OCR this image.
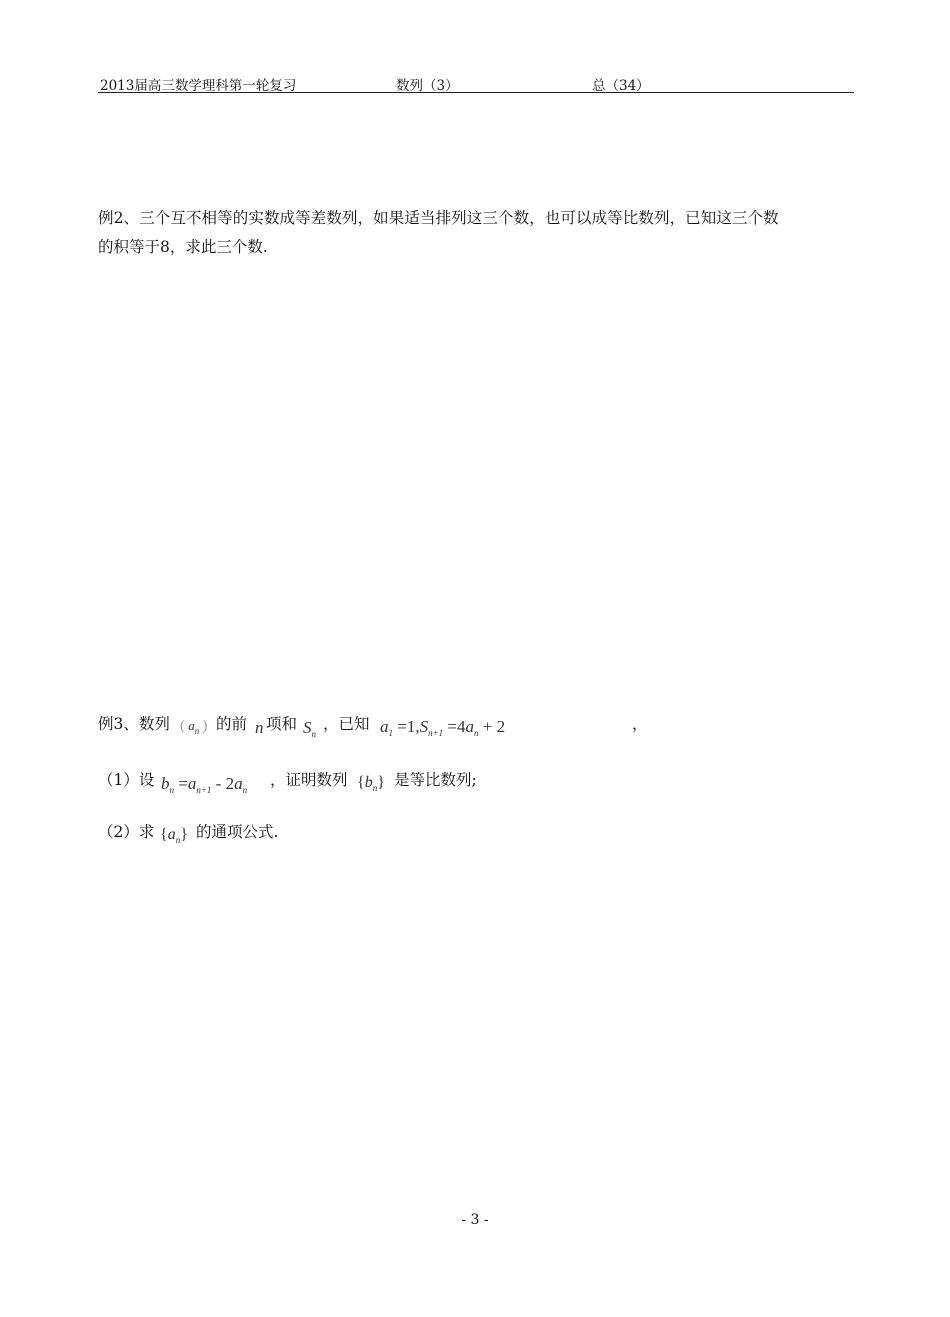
2013届高三数学理科第一轮复习	数列（3）	总（34）
例2、三个互不相等的实数成等差数列，如果适当排列这三个数，也可以成等比数列，已知这三个数
的积等于8，求此三个数.
例3、数列 ( $a_n$ ) 的前 n 项和 $S_n$
，已知 $a_1 =1,S_{n+1} =4a_n + 2$	，
（1）设 $b_n =a_{n+1} - 2a_n$
，证明数列 $\{b_n\}$ 是等比数列;
（2）求 $\{a_n\}$ 的通项公式.
- 3 -
